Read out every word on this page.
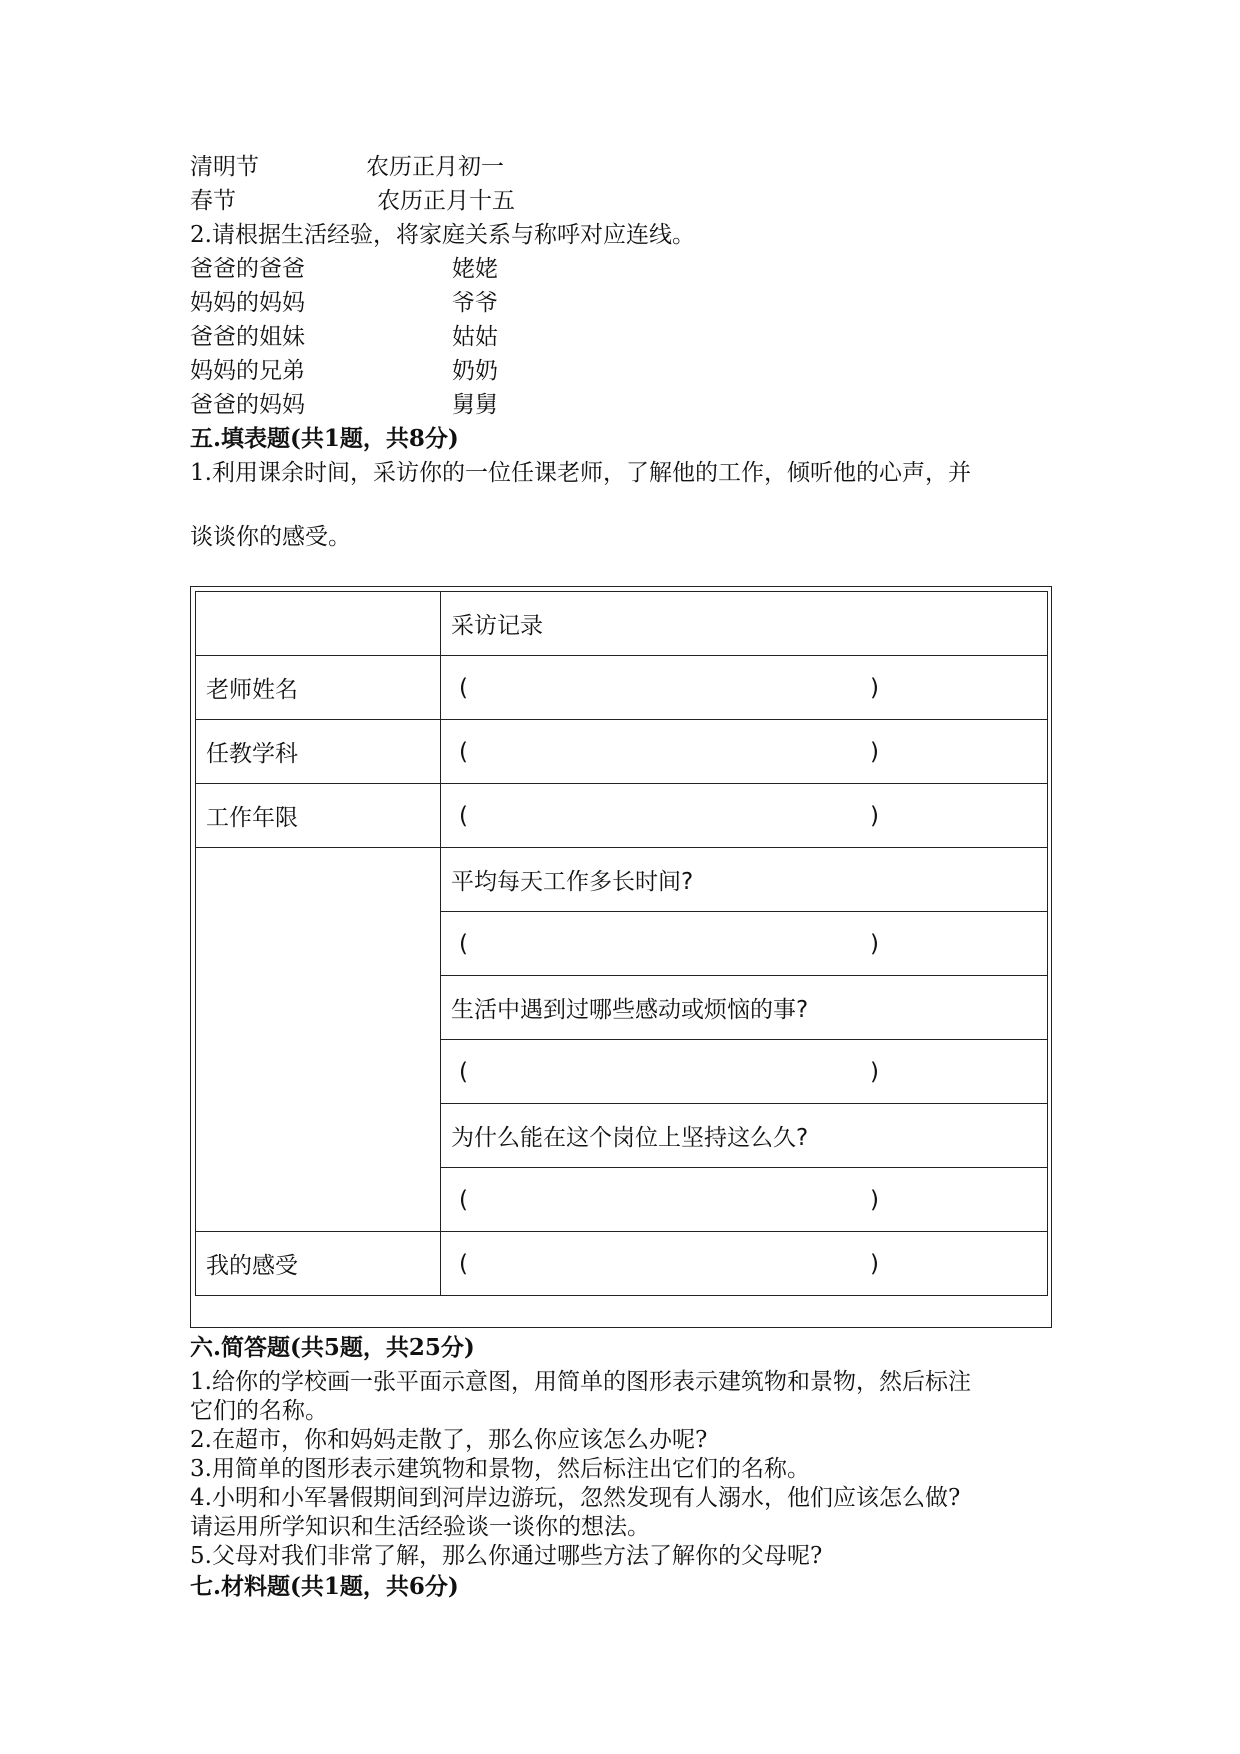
清明节	农历正月初一
春节	农历正月十五
2.请根据生活经验，将家庭关系与称呼对应连线。
爸爸的爸爸	姥姥
妈妈的妈妈	爷爷
爸爸的姐妹	姑姑
妈妈的兄弟	奶奶
爸爸的妈妈	舅舅
五.填表题(共1题，共8分)
1.利用课余时间，采访你的一位任课老师，了解他的工作，倾听他的心声，并
谈谈你的感受。
	采访记录
老师姓名	( )

任教学科	( )

工作年限	( )

	平均每天工作多长时间?

	( )

	生活中遇到过哪些感动或烦恼的事?

	( )

	为什么能在这个岗位上坚持这么久?

	( )

我的感受	( )
六.简答题(共5题，共25分)
1.给你的学校画一张平面示意图，用简单的图形表示建筑物和景物，然后标注
它们的名称。
2.在超市，你和妈妈走散了，那么你应该怎么办呢?
3.用简单的图形表示建筑物和景物，然后标注出它们的名称。
4.小明和小军暑假期间到河岸边游玩，忽然发现有人溺水，他们应该怎么做?
请运用所学知识和生活经验谈一谈你的想法。
5.父母对我们非常了解，那么你通过哪些方法了解你的父母呢?
七.材料题(共1题，共6分)
